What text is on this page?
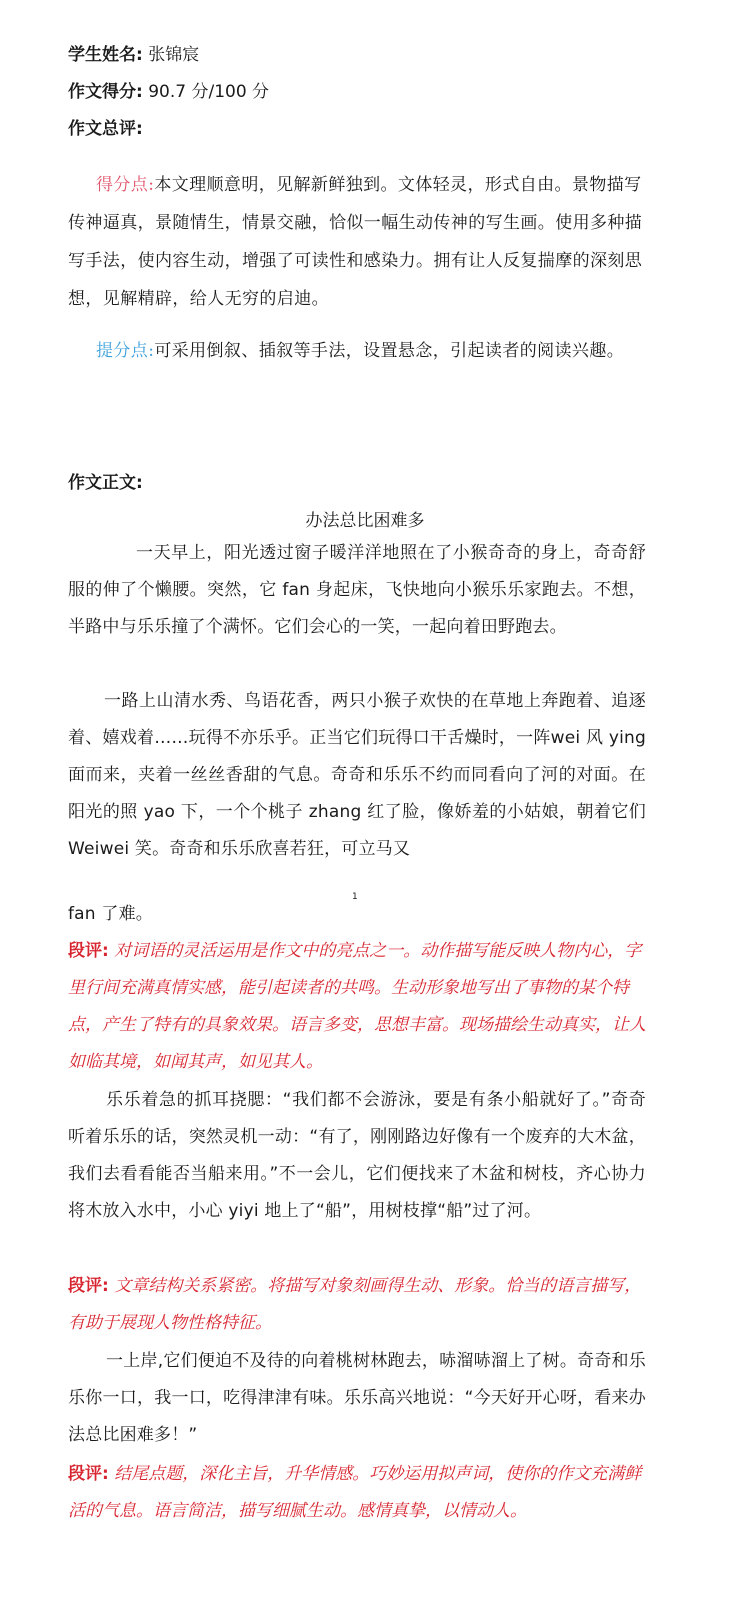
学生姓名: 张锦宸
作文得分: 90.7 分/100 分
作文总评:
得分点:本文理顺意明，见解新鲜独到。文体轻灵，形式自由。景物描写传神逼真，景随情生，情景交融，恰似一幅生动传神的写生画。使用多种描写手法，使内容生动，增强了可读性和感染力。拥有让人反复揣摩的深刻思想，见解精辟，给人无穷的启迪。
提分点:可采用倒叙、插叙等手法，设置悬念，引起读者的阅读兴趣。
作文正文:
办法总比困难多
一天早上，阳光透过窗子暖洋洋地照在了小猴奇奇的身上，奇奇舒服的伸了个懒腰。突然，它 fan 身起床，飞快地向小猴乐乐家跑去。不想，半路中与乐乐撞了个满怀。它们会心的一笑，一起向着田野跑去。
一路上山清水秀、鸟语花香，两只小猴子欢快的在草地上奔跑着、追逐着、嬉戏着……玩得不亦乐乎。正当它们玩得口干舌燥时，一阵wei 风 ying 面而来，夹着一丝丝香甜的气息。奇奇和乐乐不约而同看向了河的对面。在阳光的照 yao 下，一个个桃子 zhang 红了脸，像娇羞的小姑娘，朝着它们 Weiwei 笑。奇奇和乐乐欣喜若狂，可立马又
1
fan 了难。
段评: 对词语的灵活运用是作文中的亮点之一。动作描写能反映人物内心，字里行间充满真情实感，能引起读者的共鸣。生动形象地写出了事物的某个特点，产生了特有的具象效果。语言多变，思想丰富。现场描绘生动真实，让人如临其境，如闻其声，如见其人。
乐乐着急的抓耳挠腮：“我们都不会游泳，要是有条小船就好了。”奇奇听着乐乐的话，突然灵机一动：“有了，刚刚路边好像有一个废弃的大木盆，我们去看看能否当船来用。”不一会儿，它们便找来了木盆和树枝，齐心协力将木放入水中，小心 yiyi 地上了“船”，用树枝撑“船”过了河。
段评: 文章结构关系紧密。将描写对象刻画得生动、形象。恰当的语言描写，有助于展现人物性格特征。
一上岸,它们便迫不及待的向着桃树林跑去，哧溜哧溜上了树。奇奇和乐乐你一口，我一口，吃得津津有味。乐乐高兴地说：“今天好开心呀，看来办法总比困难多！”
段评: 结尾点题，深化主旨，升华情感。巧妙运用拟声词，使你的作文充满鲜活的气息。语言简洁，描写细腻生动。感情真挚，以情动人。
